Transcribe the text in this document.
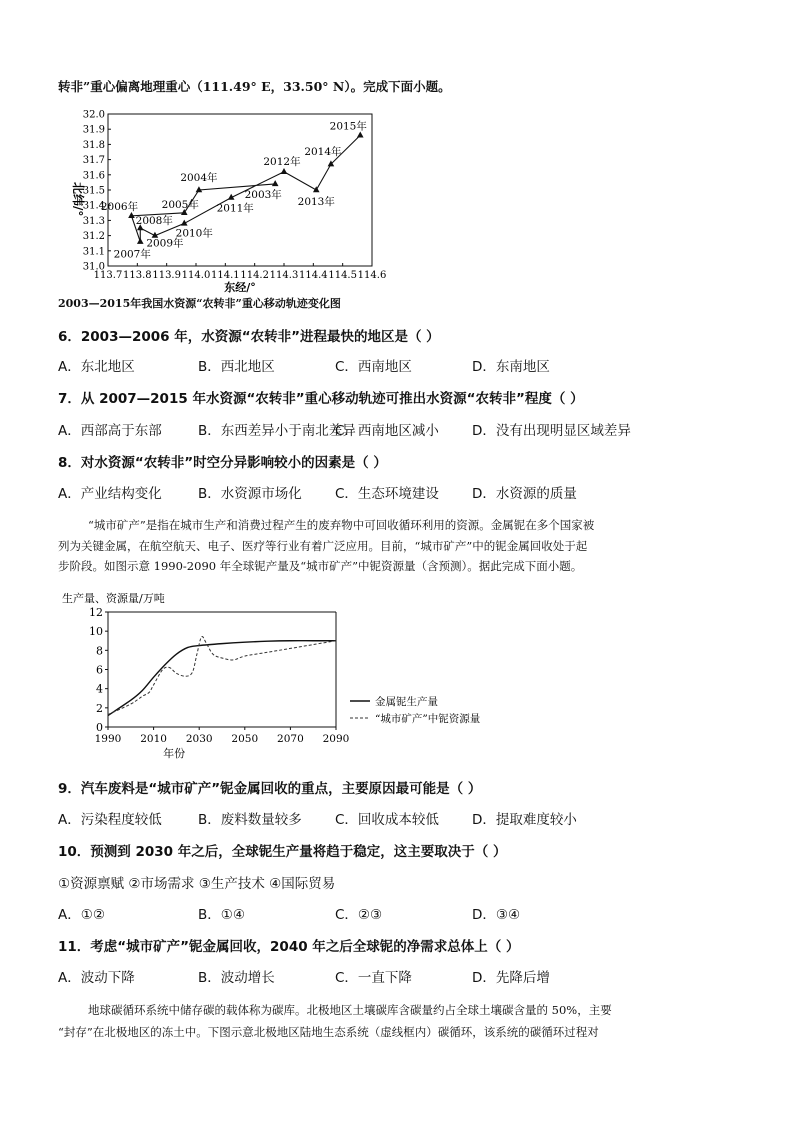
转非”重心偏离地理重心（111.49° E，33.50° N）。完成下面小题。
113.7 113.8 113.9 114.0 114.1 114.2 114.3 114.4 114.5 114.6
31.0
31.1
31.2
31.3
31.4
31.5
31.6
31.7
31.8
31.9
32.0
2003年
2004年
2005年
2006年
2007年
2008年
2009年
2010年
2011年
2012年
2013年
2014年
2015年
北纬/°
东经/°
2003—2015年我国水资源“农转非”重心移动轨迹变化图
6．2003—2006 年，水资源“农转非”进程最快的地区是（ ）
A．东北地区	B．西北地区	C．西南地区	D．东南地区
7．从 2007—2015 年水资源“农转非”重心移动轨迹可推出水资源“农转非”程度（ ）
A．西部高于东部	B．东西差异小于南北差异
C．西南地区减小 D．没有出现明显区域差异
8．对水资源“农转非”时空分异影响较小的因素是（ ）
A．产业结构变化	B．水资源市场化 C．生态环境建设 D．水资源的质量
“城市矿产”是指在城市生产和消费过程产生的废弃物中可回收循环利用的资源。金属铌在多个国家被
列为关键金属，在航空航天、电子、医疗等行业有着广泛应用。目前，“城市矿产”中的铌金属回收处于起
步阶段。如图示意 1990-2090 年全球铌产量及“城市矿产”中铌资源量（含预测）。据此完成下面小题。
生产量、资源量/万吨
1990 2010 2030 2050 2070 2090
0
2
4
6
8
10
12
金属铌生产量
“城市矿产”中铌资源量
年份
9．汽车废料是“城市矿产”铌金属回收的重点，主要原因最可能是（ ）
A．污染程度较低	B．废料数量较多 C．回收成本较低 D．提取难度较小
10．预测到 2030 年之后，全球铌生产量将趋于稳定，这主要取决于（ ）
①资源禀赋 ②市场需求 ③生产技术 ④国际贸易
A．①②	B．①④	C．②③	D．③④
11．考虑“城市矿产”铌金属回收，2040 年之后全球铌的净需求总体上（ ）
A．波动下降	B．波动增长	C．一直下降	D．先降后增
地球碳循环系统中储存碳的载体称为碳库。北极地区土壤碳库含碳量约占全球土壤碳含量的 50%，主要
“封存”在北极地区的冻土中。下图示意北极地区陆地生态系统（虚线框内）碳循环，该系统的碳循环过程对
